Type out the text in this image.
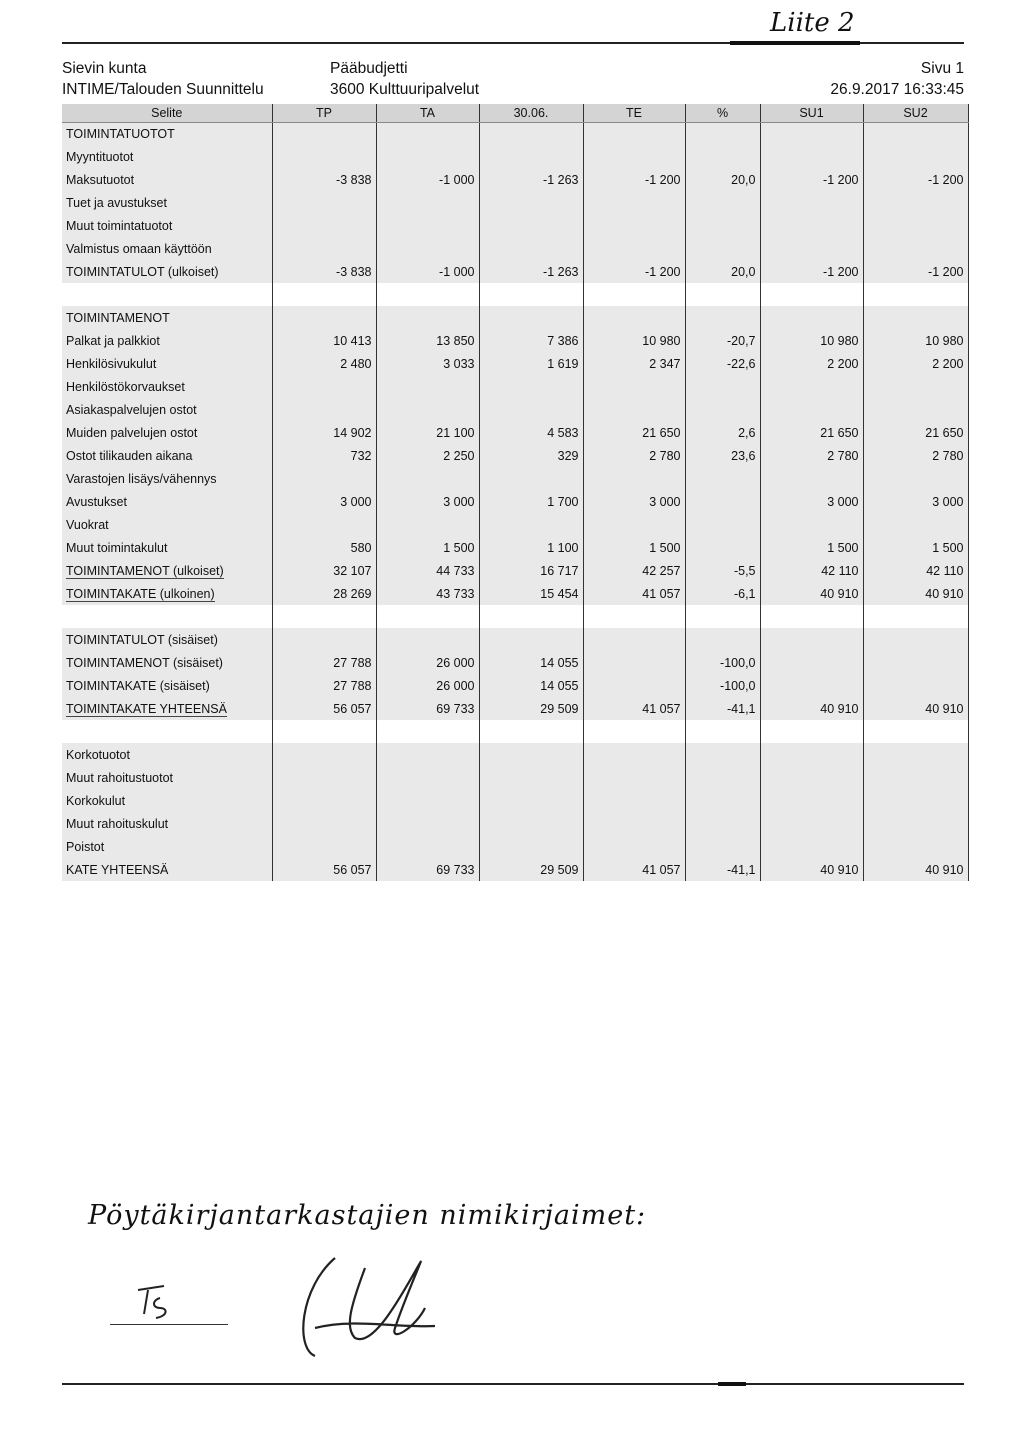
Liite 2
Sievin kunta
INTIME/Talouden Suunnittelu
Pääbudjetti
3600 Kulttuuripalvelut
Sivu 1
26.9.2017 16:33:45
Selite	TP	TA	30.06.	TE	%	SU1	SU2
TOIMINTATUOTOT							
Myyntituotot							
Maksutuotot	-3 838	-1 000	-1 263	-1 200	20,0	-1 200	-1 200
Tuet ja avustukset							
Muut toimintatuotot							
Valmistus omaan käyttöön							
TOIMINTATULOT (ulkoiset)	-3 838	-1 000	-1 263	-1 200	20,0	-1 200	-1 200

TOIMINTAMENOT							
Palkat ja palkkiot	10 413	13 850	7 386	10 980	-20,7	10 980	10 980
Henkilösivukulut	2 480	3 033	1 619	2 347	-22,6	2 200	2 200
Henkilöstökorvaukset							
Asiakaspalvelujen ostot							
Muiden palvelujen ostot	14 902	21 100	4 583	21 650	2,6	21 650	21 650
Ostot tilikauden aikana	732	2 250	329	2 780	23,6	2 780	2 780
Varastojen lisäys/vähennys							
Avustukset	3 000	3 000	1 700	3 000		3 000	3 000
Vuokrat							
Muut toimintakulut	580	1 500	1 100	1 500		1 500	1 500
TOIMINTAMENOT (ulkoiset)	32 107	44 733	16 717	42 257	-5,5	42 110	42 110
TOIMINTAKATE (ulkoinen)	28 269	43 733	15 454	41 057	-6,1	40 910	40 910

TOIMINTATULOT (sisäiset)							
TOIMINTAMENOT (sisäiset)	27 788	26 000	14 055		-100,0		
TOIMINTAKATE (sisäiset)	27 788	26 000	14 055		-100,0		
TOIMINTAKATE YHTEENSÄ	56 057	69 733	29 509	41 057	-41,1	40 910	40 910

Korkotuotot							
Muut rahoitustuotot							
Korkokulut							
Muut rahoituskulut							
Poistot							
KATE YHTEENSÄ	56 057	69 733	29 509	41 057	-41,1	40 910	40 910
Pöytäkirjantarkastajien nimikirjaimet:
